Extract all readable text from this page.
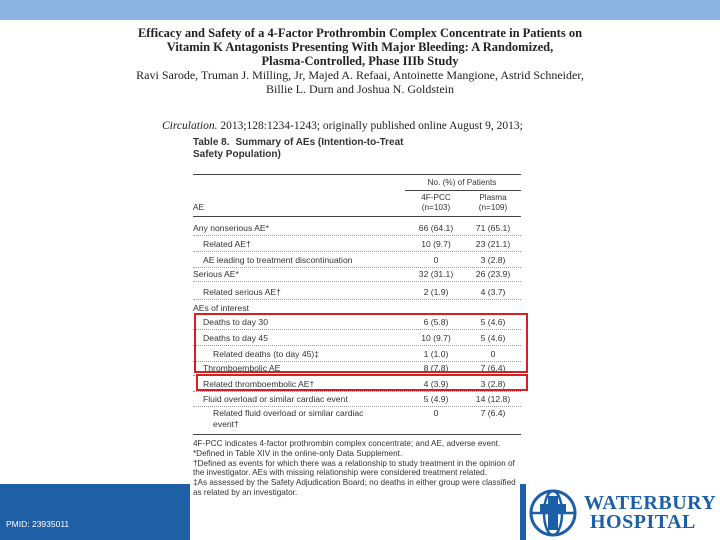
Efficacy and Safety of a 4-Factor Prothrombin Complex Concentrate in Patients on
Vitamin K Antagonists Presenting With Major Bleeding: A Randomized,
Plasma-Controlled, Phase IIIb Study
Ravi Sarode, Truman J. Milling, Jr, Majed A. Refaai, Antoinette Mangione, Astrid Schneider,
Billie L. Durn and Joshua N. Goldstein
Circulation. 2013;128:1234-1243; originally published online August 9, 2013;
Table 8. Summary of AEs (Intention-to-Treat
Safety Population)
No. (%) of Patients
4F-PCC
(n=103)
Plasma
(n=109)
AE
Any nonserious AE*	66 (64.1)	71 (65.1)
Related AE†	10 (9.7)	23 (21.1)
AE leading to treatment discontinuation	0	3 (2.8)
Serious AE*	32 (31.1)	26 (23.9)
Related serious AE†	2 (1.9)	4 (3.7)
AEs of interest
Deaths to day 30	6 (5.8)	5 (4.6)
Deaths to day 45	10 (9.7)	5 (4.6)
Related deaths (to day 45)‡	1 (1.0)	0
Thromboembolic AE	8 (7.8)	7 (6.4)
Related thromboembolic AE†	4 (3.9)	3 (2.8)
Fluid overload or similar cardiac event	5 (4.9)	14 (12.8)
Related fluid overload or similar cardiac	0	7 (6.4)
event†

4F-PCC indicates 4-factor prothrombin complex concentrate; and AE, adverse event.

*Defined in Table XIV in the online-only Data Supplement.

†Defined as events for which there was a relationship to study treatment in the opinion of the investigator. AEs with missing relationship were considered treatment related.

‡As assessed by the Safety Adjudication Board; no deaths in either group were classified as related by an investigator.

PMID: 23935011
WATERBURY
HOSPITAL
